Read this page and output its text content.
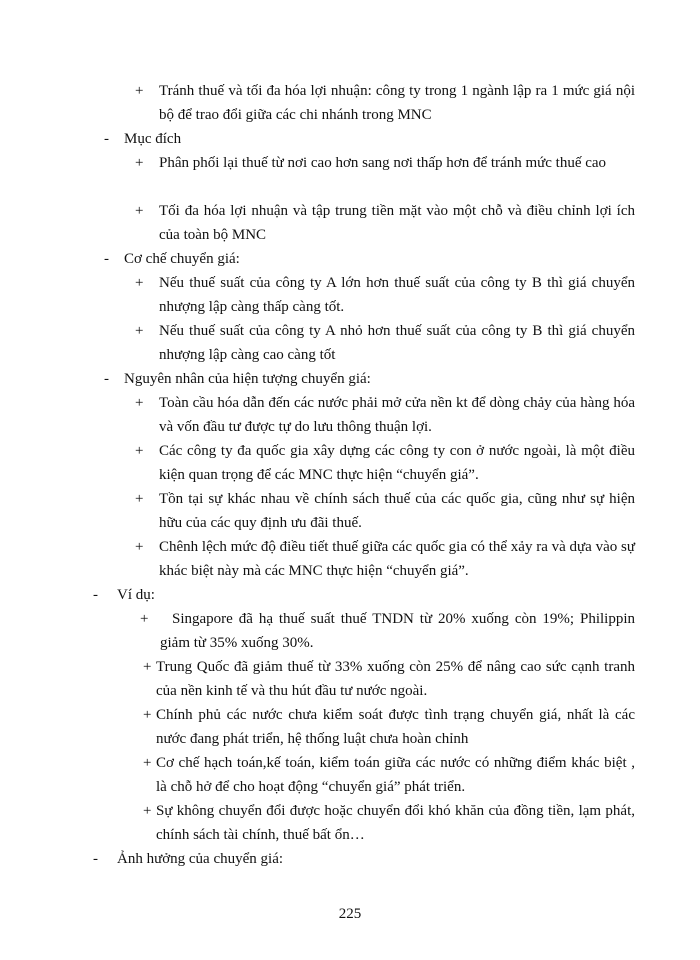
+ Tránh thuế và tối đa hóa lợi nhuận: công ty trong 1 ngành lập ra 1 mức giá nội bộ để trao đổi giữa các chi nhánh trong MNC
- Mục đích
+ Phân phối lại thuế từ nơi cao hơn sang nơi thấp hơn để tránh mức thuế cao
+ Tối đa hóa lợi nhuận và tập trung tiền mặt vào một chỗ và điều chỉnh lợi ích của toàn bộ MNC
- Cơ chế chuyển giá:
+ Nếu thuế suất của công ty A lớn hơn thuế suất của công ty B thì giá chuyển nhượng lập càng thấp càng tốt.
+ Nếu thuế suất của công ty A nhỏ hơn thuế suất của công ty B thì giá chuyển nhượng lập càng cao càng tốt
- Nguyên nhân của hiện tượng chuyển giá:
+ Toàn cầu hóa dẫn đến các nước phải mở cửa nền kt để dòng chảy của hàng hóa và vốn đầu tư được tự do lưu thông thuận lợi.
+ Các công ty đa quốc gia xây dựng các công ty con ở nước ngoài, là một điều kiện quan trọng để các MNC thực hiện “chuyển giá”.
+ Tồn tại sự khác nhau về chính sách thuế của các quốc gia, cũng như sự hiện hữu của các quy định ưu đãi thuế.
+ Chênh lệch mức độ điều tiết thuế giữa các quốc gia có thể xảy ra và dựa vào sự khác biệt này mà các MNC thực hiện “chuyển giá”.
- Ví dụ:
+	Singapore đã hạ thuế suất thuế TNDN từ 20% xuống còn 19%; Philippin giảm từ 35% xuống 30%.
+ Trung Quốc đã giảm thuế từ 33% xuống còn 25% để nâng cao sức cạnh tranh của nền kinh tế và thu hút đầu tư nước ngoài.
+ Chính phủ các nước chưa kiểm soát được tình trạng chuyển giá, nhất là các nước đang phát triển, hệ thống luật chưa hoàn chỉnh
+ Cơ chế hạch toán,kế toán, kiểm toán giữa các nước có những điểm khác biệt , là chỗ hở để cho hoạt động “chuyển giá” phát triển.
+ Sự không chuyển đổi được hoặc chuyển đổi khó khăn của đồng tiền, lạm phát, chính sách tài chính, thuế bất ổn…
- Ảnh hưởng của chuyển giá:
225
